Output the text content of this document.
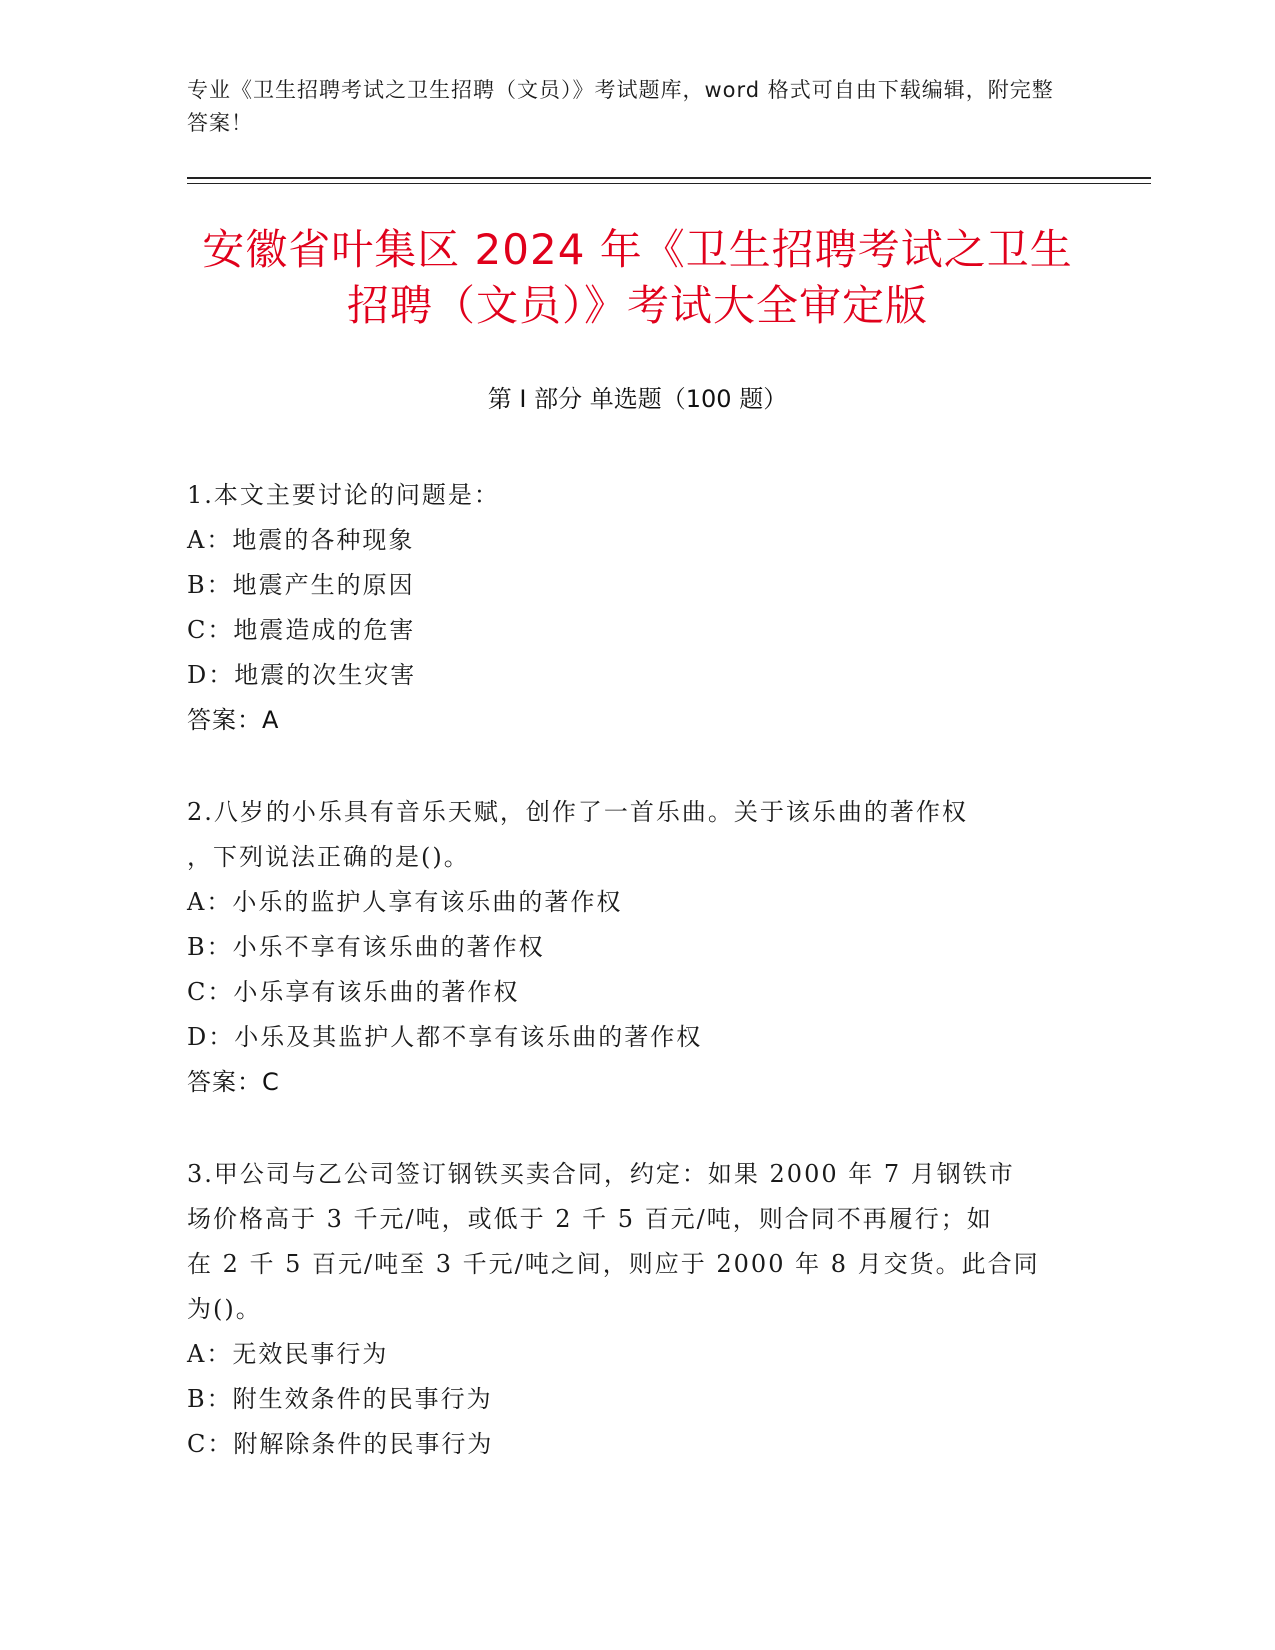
专业《卫生招聘考试之卫生招聘（文员）》考试题库，word 格式可自由下载编辑，附完整答案！
安徽省叶集区 2024 年《卫生招聘考试之卫生
招聘（文员）》考试大全审定版
第 I 部分 单选题（100 题）
1.本文主要讨论的问题是：
A：地震的各种现象
B：地震产生的原因
C：地震造成的危害
D：地震的次生灾害
答案：A
2.八岁的小乐具有音乐天赋，创作了一首乐曲。关于该乐曲的著作权
，下列说法正确的是()。
A：小乐的监护人享有该乐曲的著作权
B：小乐不享有该乐曲的著作权
C：小乐享有该乐曲的著作权
D：小乐及其监护人都不享有该乐曲的著作权
答案：C
3.甲公司与乙公司签订钢铁买卖合同，约定：如果 2000 年 7 月钢铁市
场价格高于 3 千元/吨，或低于 2 千 5 百元/吨，则合同不再履行；如
在 2 千 5 百元/吨至 3 千元/吨之间，则应于 2000 年 8 月交货。此合同
为()。
A：无效民事行为
B：附生效条件的民事行为
C：附解除条件的民事行为
